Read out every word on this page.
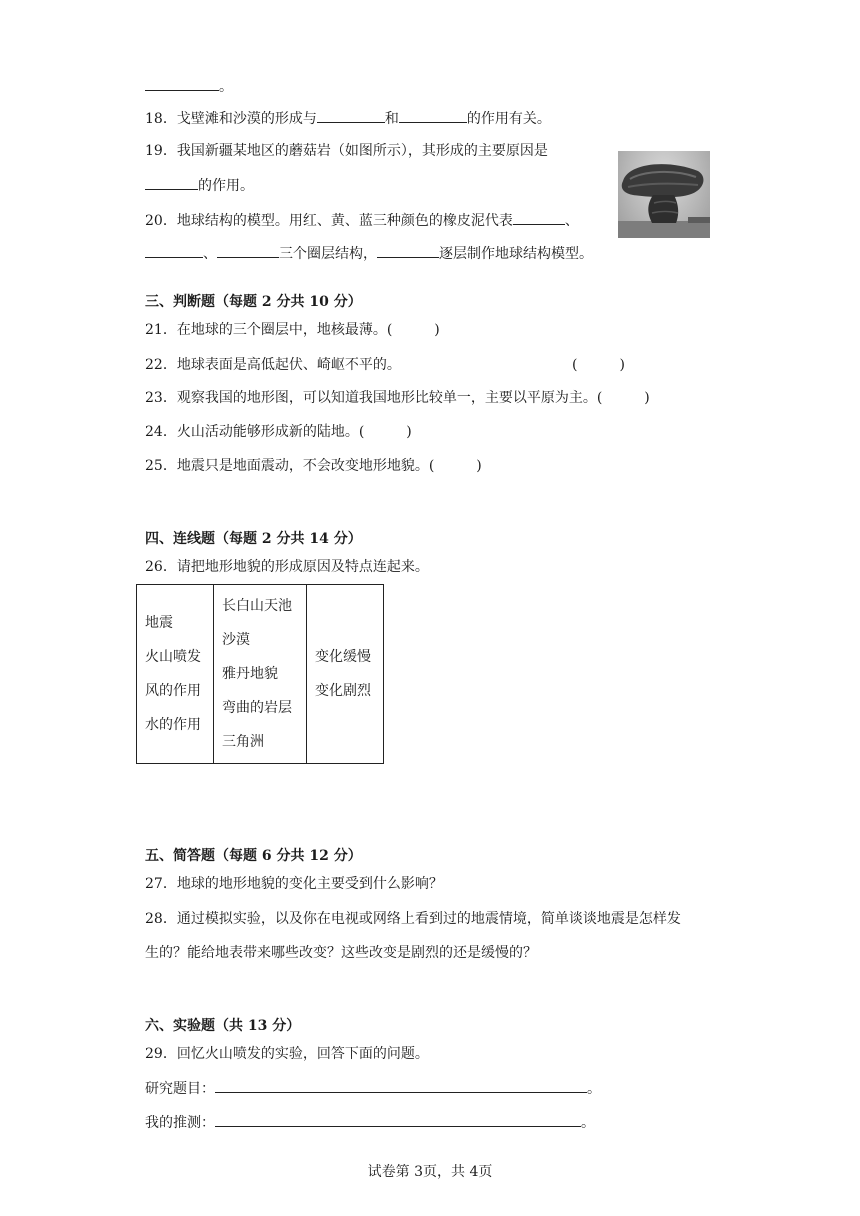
。
18．戈壁滩和沙漠的形成与	和	的作用有关。
19．我国新疆某地区的蘑菇岩（如图所示），其形成的主要原因是
的作用。
20．地球结构的模型。用红、黄、蓝三种颜色的橡皮泥代表	、
、	三个圈层结构，	逐层制作地球结构模型。
三、判断题（每题 2 分共 10 分）
21．在地球的三个圈层中，地核最薄。(	)
22．地球表面是高低起伏、崎岖不平的。	(	)
23．观察我国的地形图，可以知道我国地形比较单一，主要以平原为主。(	)
24．火山活动能够形成新的陆地。(	)
25．地震只是地面震动，不会改变地形地貌。(	)
四、连线题（每题 2 分共 14 分）
26．请把地形地貌的形成原因及特点连起来。
地震
火山喷发
风的作用
水的作用

长白山天池
沙漠
雅丹地貌
弯曲的岩层
三角洲

变化缓慢
变化剧烈
五、简答题（每题 6 分共 12 分）
27．地球的地形地貌的变化主要受到什么影响？
28．通过模拟实验，以及你在电视或网络上看到过的地震情境，简单谈谈地震是怎样发
生的？能给地表带来哪些改变？这些改变是剧烈的还是缓慢的？
六、实验题（共 13 分）
29．回忆火山喷发的实验，回答下面的问题。
研究题目：	。
我的推测：	。
试卷第 3页，共 4页
